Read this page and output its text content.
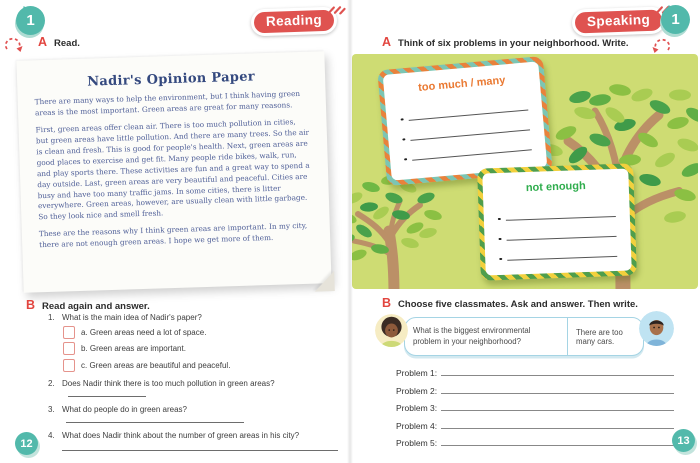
1	Reading
A Read.
Nadir's Opinion Paper

There are many ways to help the environment, but I think having green areas is the most important. Green areas are great for many reasons.

First, green areas offer clean air. There is too much pollution in cities, but green areas have little pollution. And there are many trees. So the air is clean and fresh. This is good for people's health. Next, green areas are good places to exercise and get fit. Many people ride bikes, walk, run, and play sports there. These activities are fun and a great way to spend a day outside. Last, green areas are very beautiful and peaceful. Cities are busy and have too many traffic jams. In some cities, there is litter everywhere. Green areas, however, are usually clean with little garbage. So they look nice and smell fresh.

These are the reasons why I think green areas are important. In my city, there are not enough green areas. I hope we get more of them.

B Read again and answer.
1. What is the main idea of Nadir's paper?
a. Green areas need a lot of space.
b. Green areas are important.
c. Green areas are beautiful and peaceful.
2. Does Nadir think there is too much pollution in green areas?
3. What do people do in green areas?
4. What does Nadir think about the number of green areas in his city?
12
Speaking	1
A Think of six problems in your neighborhood. Write.
too much / many
not enough
B Choose five classmates. Ask and answer. Then write.
What is the biggest environmental problem in your neighborhood?
There are too many cars.
Problem 1:
Problem 2:
Problem 3:
Problem 4:
Problem 5:	13
